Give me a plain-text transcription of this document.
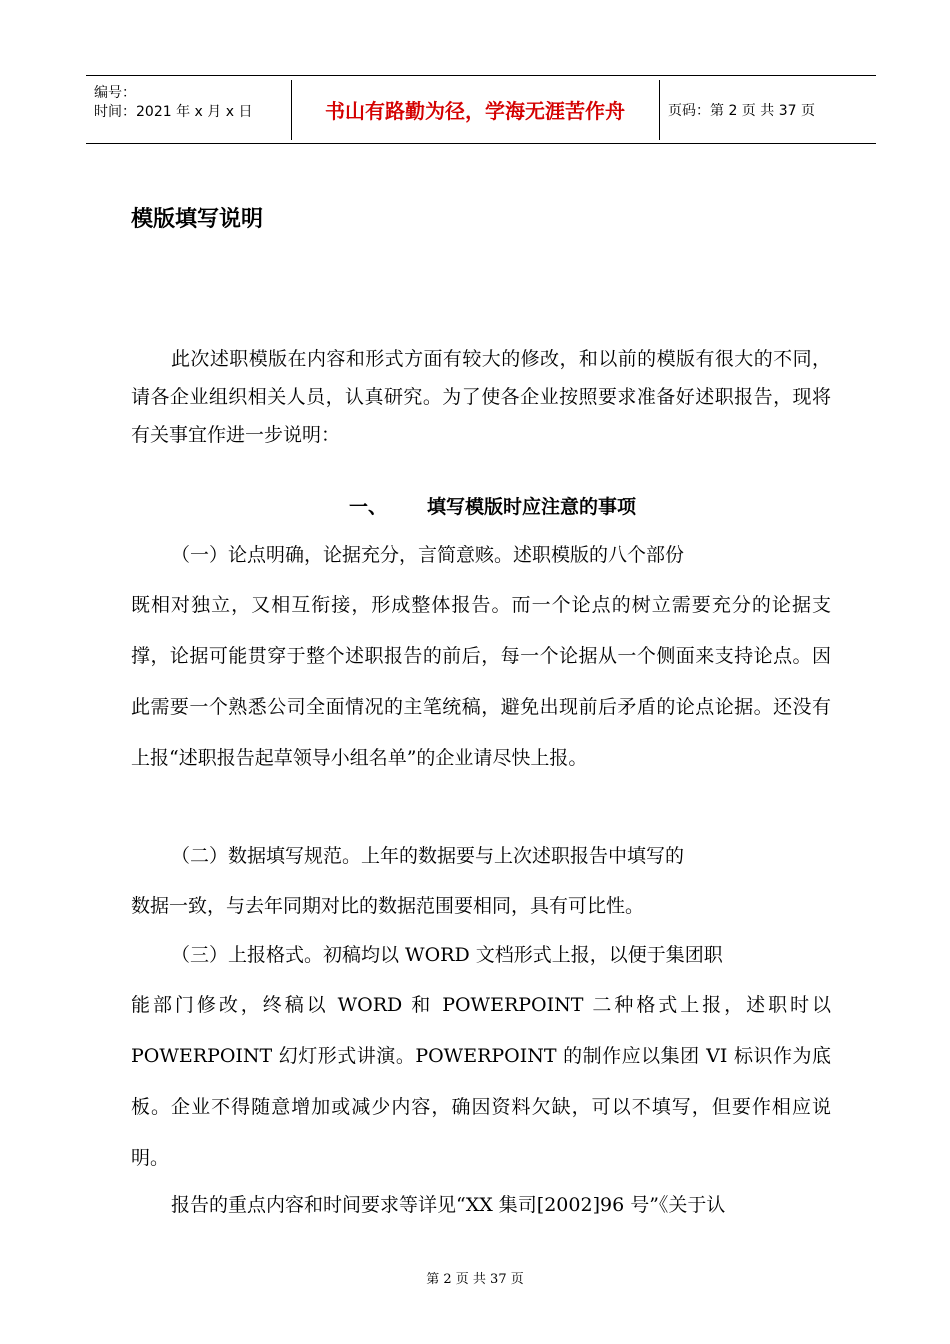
编号：
时间：2021 年 x 月 x 日	书山有路勤为径，学海无涯苦作舟	页码：第 2 页 共 37 页
模版填写说明

此次述职模版在内容和形式方面有较大的修改，和以前的模版有很大的不同，请各企业组织相关人员，认真研究。为了使各企业按照要求准备好述职报告，现将有关事宜作进一步说明：

一、 填写模版时应注意的事项
（一）论点明确，论据充分，言简意赅。述职模版的八个部份
既相对独立，又相互衔接，形成整体报告。而一个论点的树立需要充分的论据支撑，论据可能贯穿于整个述职报告的前后，每一个论据从一个侧面来支持论点。因此需要一个熟悉公司全面情况的主笔统稿，避免出现前后矛盾的论点论据。还没有上报“述职报告起草领导小组名单”的企业请尽快上报。
（二）数据填写规范。上年的数据要与上次述职报告中填写的
数据一致，与去年同期对比的数据范围要相同，具有可比性。
（三）上报格式。初稿均以 WORD 文档形式上报，以便于集团职
能部门修改，终稿以 WORD 和 POWERPOINT 二种格式上报，述职时以 POWERPOINT 幻灯形式讲演。POWERPOINT 的制作应以集团 VI 标识作为底板。企业不得随意增加或减少内容，确因资料欠缺，可以不填写，但要作相应说明。
报告的重点内容和时间要求等详见“XX 集司[2002]96 号”《关于认
第 2 页 共 37 页
